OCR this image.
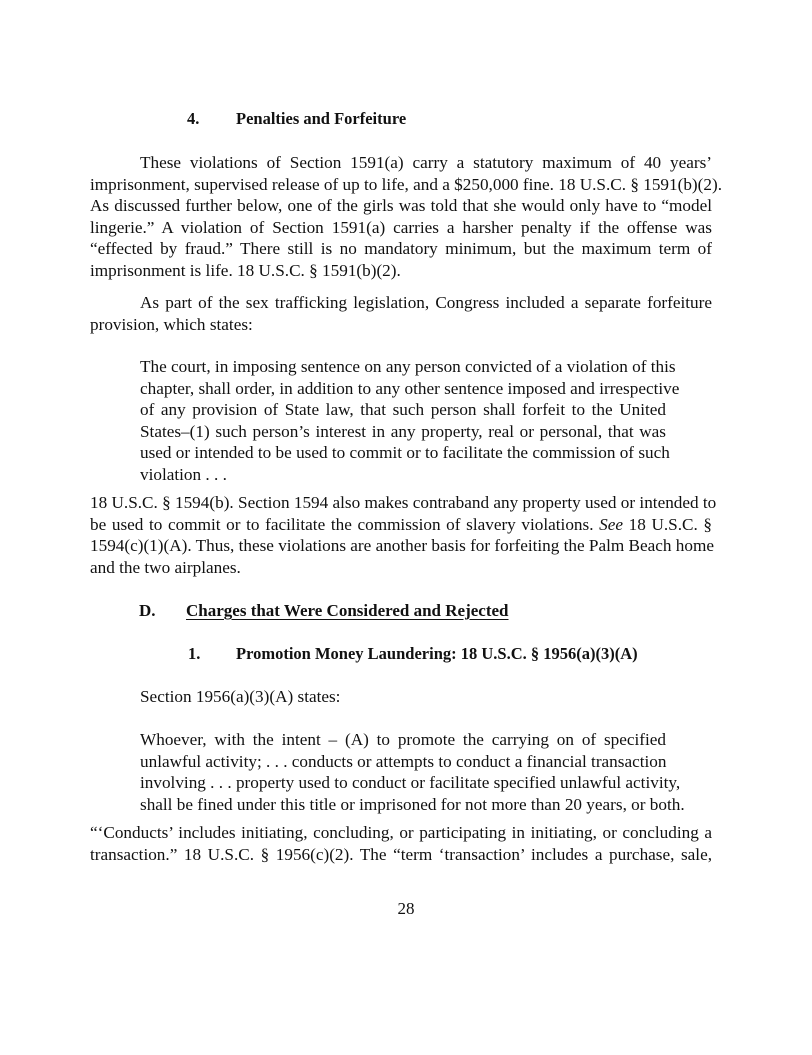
4. Penalties and Forfeiture
These violations of Section 1591(a) carry a statutory maximum of 40 years’
imprisonment, supervised release of up to life, and a $250,000 fine. 18 U.S.C. § 1591(b)(2).
As discussed further below, one of the girls was told that she would only have to “model
lingerie.” A violation of Section 1591(a) carries a harsher penalty if the offense was
“effected by fraud.” There still is no mandatory minimum, but the maximum term of
imprisonment is life. 18 U.S.C. § 1591(b)(2).
As part of the sex trafficking legislation, Congress included a separate forfeiture
provision, which states:
The court, in imposing sentence on any person convicted of a violation of this
chapter, shall order, in addition to any other sentence imposed and irrespective
of any provision of State law, that such person shall forfeit to the United
States–(1) such person’s interest in any property, real or personal, that was
used or intended to be used to commit or to facilitate the commission of such
violation . . .
18 U.S.C. § 1594(b). Section 1594 also makes contraband any property used or intended to
be used to commit or to facilitate the commission of slavery violations. See 18 U.S.C. §
1594(c)(1)(A). Thus, these violations are another basis for forfeiting the Palm Beach home
and the two airplanes.
D. Charges that Were Considered and Rejected
1. Promotion Money Laundering: 18 U.S.C. § 1956(a)(3)(A)
Section 1956(a)(3)(A) states:
Whoever, with the intent – (A) to promote the carrying on of specified
unlawful activity; . . . conducts or attempts to conduct a financial transaction
involving . . . property used to conduct or facilitate specified unlawful activity,
shall be fined under this title or imprisoned for not more than 20 years, or both.
“‘Conducts’ includes initiating, concluding, or participating in initiating, or concluding a
transaction.” 18 U.S.C. § 1956(c)(2). The “term ‘transaction’ includes a purchase, sale,
28
